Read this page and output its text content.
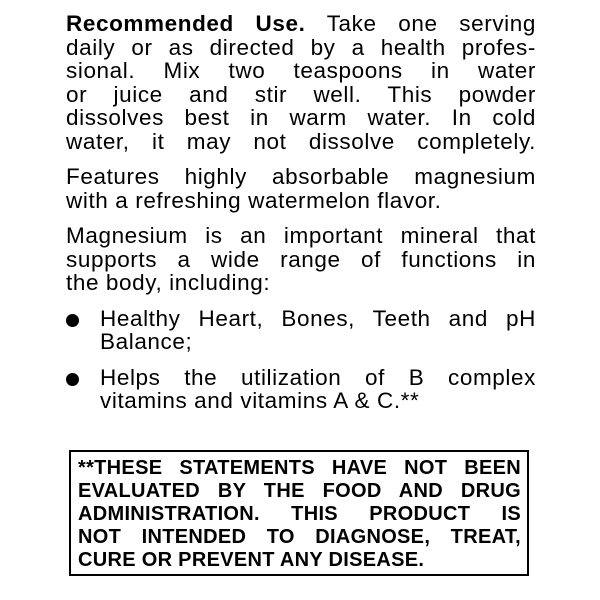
Recommended Use. Take one serving
daily or as directed by a health profes-
sional. Mix two teaspoons in water
or juice and stir well. This powder
dissolves best in warm water. In cold
water, it may not dissolve completely.
Features highly absorbable magnesium
with a refreshing watermelon flavor.
Magnesium is an important mineral that
supports a wide range of functions in
the body, including:
Healthy Heart, Bones, Teeth and pH
Balance;
Helps the utilization of B complex
vitamins and vitamins A & C.**
**THESE STATEMENTS HAVE NOT BEEN
EVALUATED BY THE FOOD AND DRUG
ADMINISTRATION. THIS PRODUCT IS
NOT INTENDED TO DIAGNOSE, TREAT,
CURE OR PREVENT ANY DISEASE.
